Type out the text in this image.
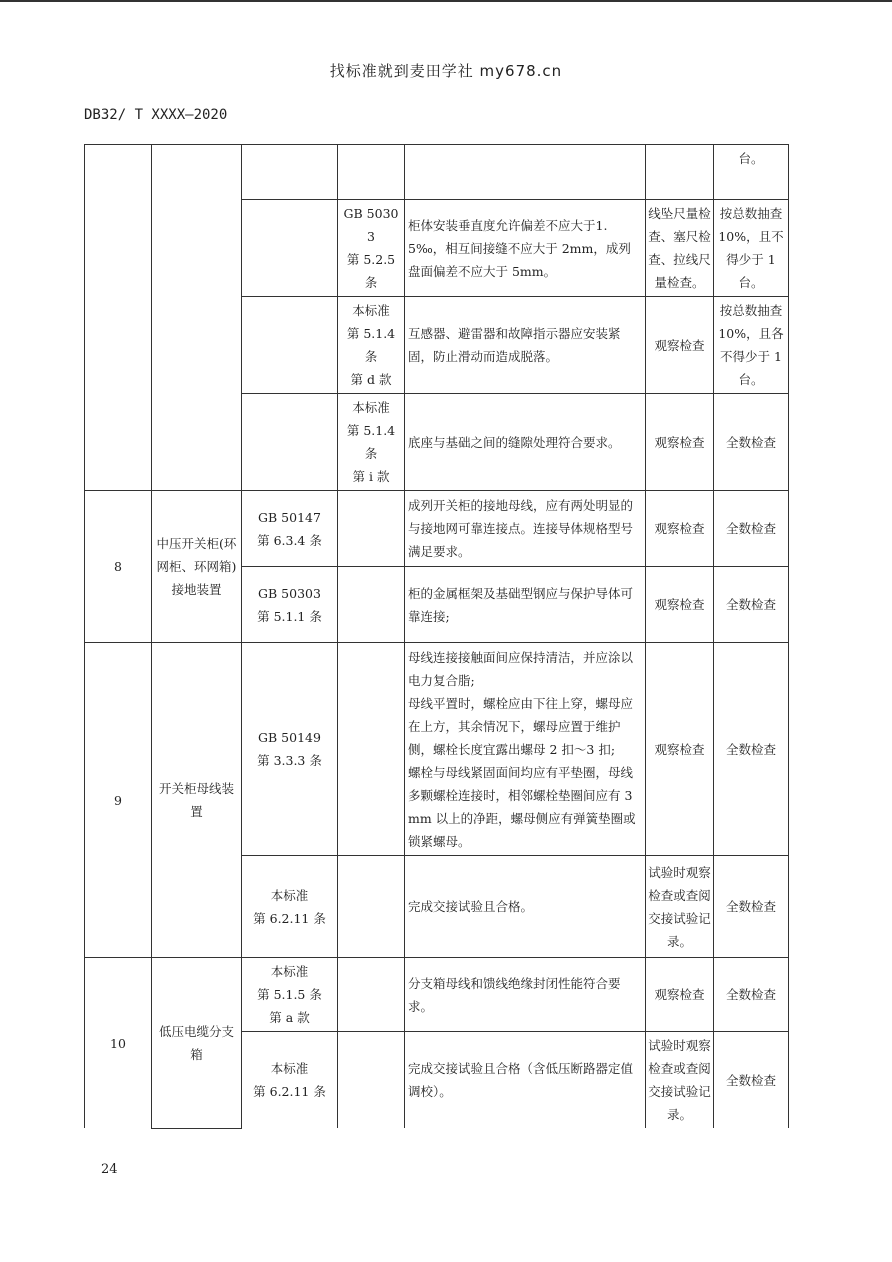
找标准就到麦田学社 my678.cn
DB32/ T XXXX—2020
						台。

			GB 50303
第 5.2.5 条	柜体安装垂直度允许偏差不应大于1.5‰，相互间接缝不应大于 2mm，成列盘面偏差不应大于 5mm。	线坠尺量检查、塞尺检查、拉线尺量检查。	按总数抽查10%，且不得少于 1 台。

			本标准
第 5.1.4 条
第 d 款	互感器、避雷器和故障指示器应安装紧固，防止滑动而造成脱落。	观察检查	按总数抽查10%，且各不得少于 1 台。

			本标准
第 5.1.4 条
第 i 款	底座与基础之间的缝隙处理符合要求。	观察检查	全数检查
8	中压开关柜(环网柜、环网箱)接地装置	GB 50147
第 6.3.4 条		成列开关柜的接地母线，应有两处明显的与接地网可靠连接点。连接导体规格型号满足要求。	观察检查	全数检查

		GB 50303
第 5.1.1 条		柜的金属框架及基础型钢应与保护导体可靠连接;	观察检查	全数检查
9	开关柜母线装置	GB 50149
第 3.3.3 条		母线连接接触面间应保持清洁，并应涂以电力复合脂;
母线平置时，螺栓应由下往上穿，螺母应在上方，其余情况下，螺母应置于维护侧，螺栓长度宜露出螺母 2 扣～3 扣;
螺栓与母线紧固面间均应有平垫圈，母线多颗螺栓连接时，相邻螺栓垫圈间应有 3mm 以上的净距，螺母侧应有弹簧垫圈或锁紧螺母。	观察检查	全数检查

		本标准
第 6.2.11 条		完成交接试验且合格。	试验时观察检查或查阅交接试验记录。	全数检查
10	低压电缆分支箱	本标准
第 5.1.5 条
第 a 款		分支箱母线和馈线绝缘封闭性能符合要求。	观察检查	全数检查

		本标准
第 6.2.11 条		完成交接试验且合格（含低压断路器定值调校）。	试验时观察检查或查阅交接试验记录。	全数检查
24
